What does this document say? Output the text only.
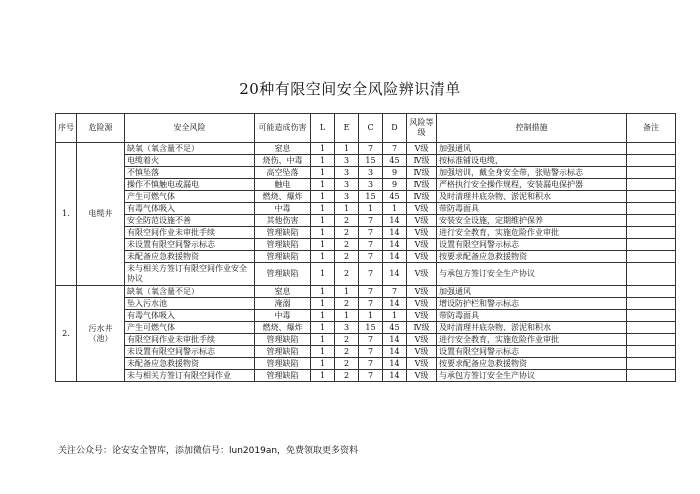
20种有限空间安全风险辨识清单
序号	危险源	安全风险	可能造成伤害	L	E	C	D	风险等级	控制措施	备注
1.	电缆井	缺氧（氧含量不足）	窒息	1	1	7	7	Ⅴ级	加强通风	
		电缆着火	烧伤、中毒	1	3	15	45	Ⅳ级	按标准铺设电缆，	
		不慎坠落	高空坠落	1	3	3	9	Ⅳ级	加强培训，戴全身安全带，张贴警示标志	
		操作不慎触电或漏电	触电	1	3	3	9	Ⅳ级	严格执行安全操作规程，安装漏电保护器	
		产生可燃气体	燃烧、爆炸	1	3	15	45	Ⅳ级	及时清理井底杂物、淤泥和积水	
		有毒气体吸入	中毒	1	1	1	1	Ⅴ级	带防毒面具	
		安全防范设施不善	其他伤害	1	2	7	14	Ⅴ级	安装安全设施，定期维护保养	
		有限空间作业未审批手续	管理缺陷	1	2	7	14	Ⅴ级	进行安全教育，实施危险作业审批	
		未设置有限空间警示标志	管理缺陷	1	2	7	14	Ⅴ级	设置有限空间警示标志	
		未配备应急救援物资	管理缺陷	1	2	7	14	Ⅴ级	按要求配备应急救援物资	
		未与相关方签订有限空间作业安全协议	管理缺陷	1	2	7	14	Ⅴ级	与承包方签订安全生产协议	
2.	污水井（池）	缺氧（氧含量不足）	窒息	1	1	7	7	Ⅴ级	加强通风	
		坠入污水池	淹溺	1	2	7	14	Ⅴ级	增设防护栏和警示标志	
		有毒气体吸入	中毒	1	1	1	1	Ⅴ级	带防毒面具	
		产生可燃气体	燃烧、爆炸	1	3	15	45	Ⅳ级	及时清理井底杂物、淤泥和积水	
		有限空间作业未审批手续	管理缺陷	1	2	7	14	Ⅴ级	进行安全教育，实施危险作业审批	
		未设置有限空间警示标志	管理缺陷	1	2	7	14	Ⅴ级	设置有限空间警示标志	
		未配备应急救援物资	管理缺陷	1	2	7	14	Ⅴ级	按要求配备应急救援物资	
		未与相关方签订有限空间作业	管理缺陷	1	2	7	14	Ⅴ级	与承包方签订安全生产协议	
关注公众号：论安安全智库，添加微信号：lun2019an，免费领取更多资料
